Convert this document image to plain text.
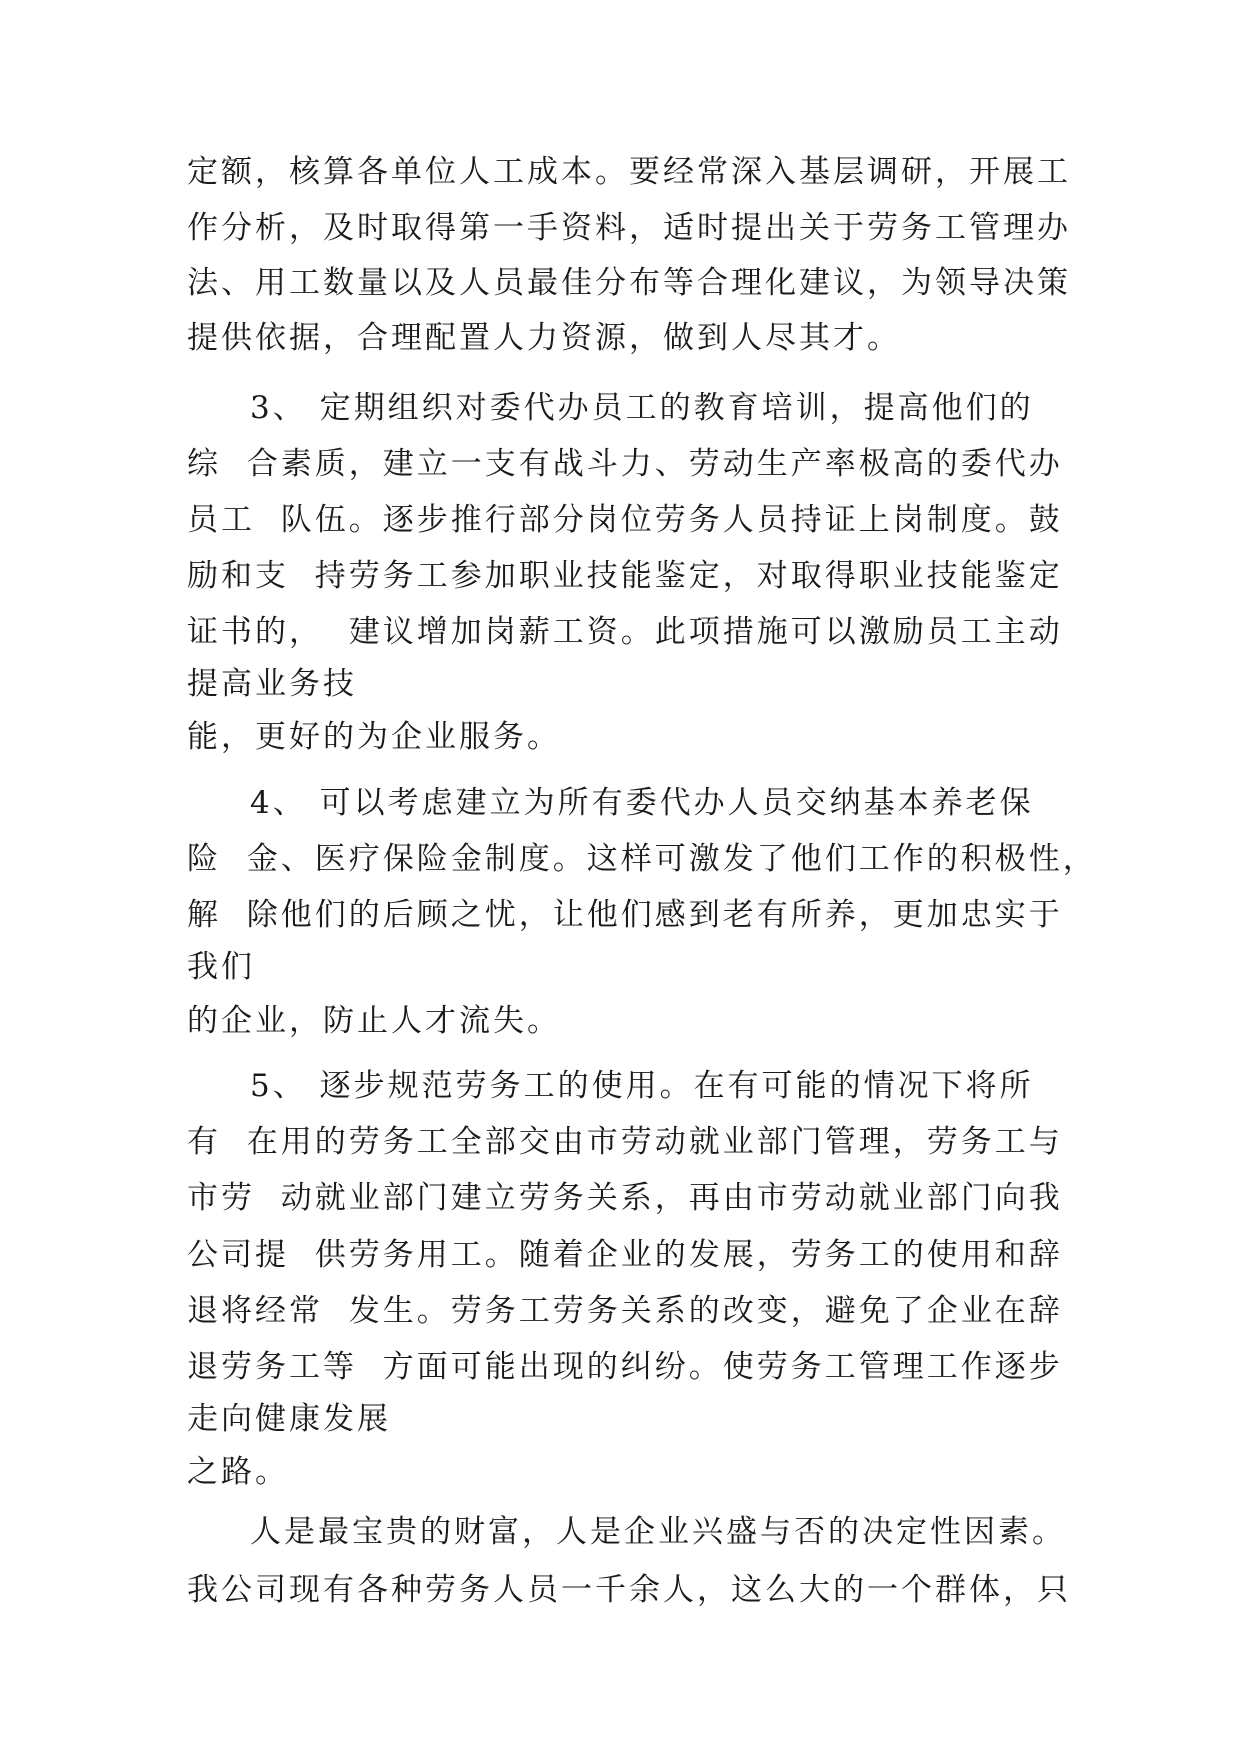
定额，核算各单位人工成本。要经常深入基层调研，开展工
作分析，及时取得第一手资料，适时提出关于劳务工管理办
法、用工数量以及人员最佳分布等合理化建议，为领导决策
提供依据，合理配置人力资源，做到人尽其才。
3、 定期组织对委代办员工的教育培训，提高他们的
综  合素质，建立一支有战斗力、劳动生产率极高的委代办
员工  队伍。逐步推行部分岗位劳务人员持证上岗制度。鼓
励和支  持劳务工参加职业技能鉴定，对取得职业技能鉴定
证书的，  建议增加岗薪工资。此项措施可以激励员工主动
提高业务技
能，更好的为企业服务。
4、 可以考虑建立为所有委代办人员交纳基本养老保
险  金、医疗保险金制度。这样可激发了他们工作的积极性，
解  除他们的后顾之忧，让他们感到老有所养，更加忠实于
我们
的企业，防止人才流失。
5、 逐步规范劳务工的使用。在有可能的情况下将所
有  在用的劳务工全部交由市劳动就业部门管理，劳务工与
市劳  动就业部门建立劳务关系，再由市劳动就业部门向我
公司提  供劳务用工。随着企业的发展，劳务工的使用和辞
退将经常  发生。劳务工劳务关系的改变，避免了企业在辞
退劳务工等  方面可能出现的纠纷。使劳务工管理工作逐步
走向健康发展
之路。
人是最宝贵的财富，人是企业兴盛与否的决定性因素。
我公司现有各种劳务人员一千余人，这么大的一个群体，只
